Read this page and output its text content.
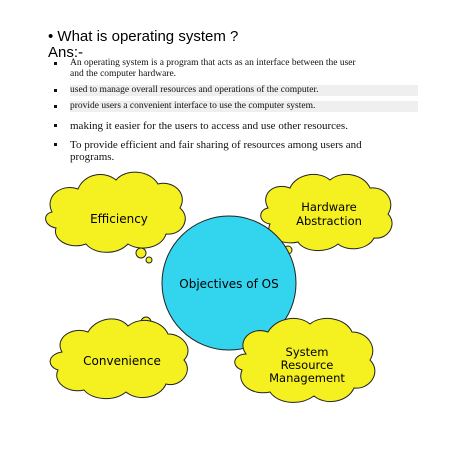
• What is operating system ?
Ans:-
An operating system is a program that acts as an interface between the user
and the computer hardware.
used to manage overall resources and operations of the computer.
provide users a convenient interface to use the computer system.
making it easier for the users to access and use other resources.
To provide efficient and fair sharing of resources among users and
programs.
Efficiency
Hardware
Abstraction
Objectives of OS
Convenience
System
Resource
Management
